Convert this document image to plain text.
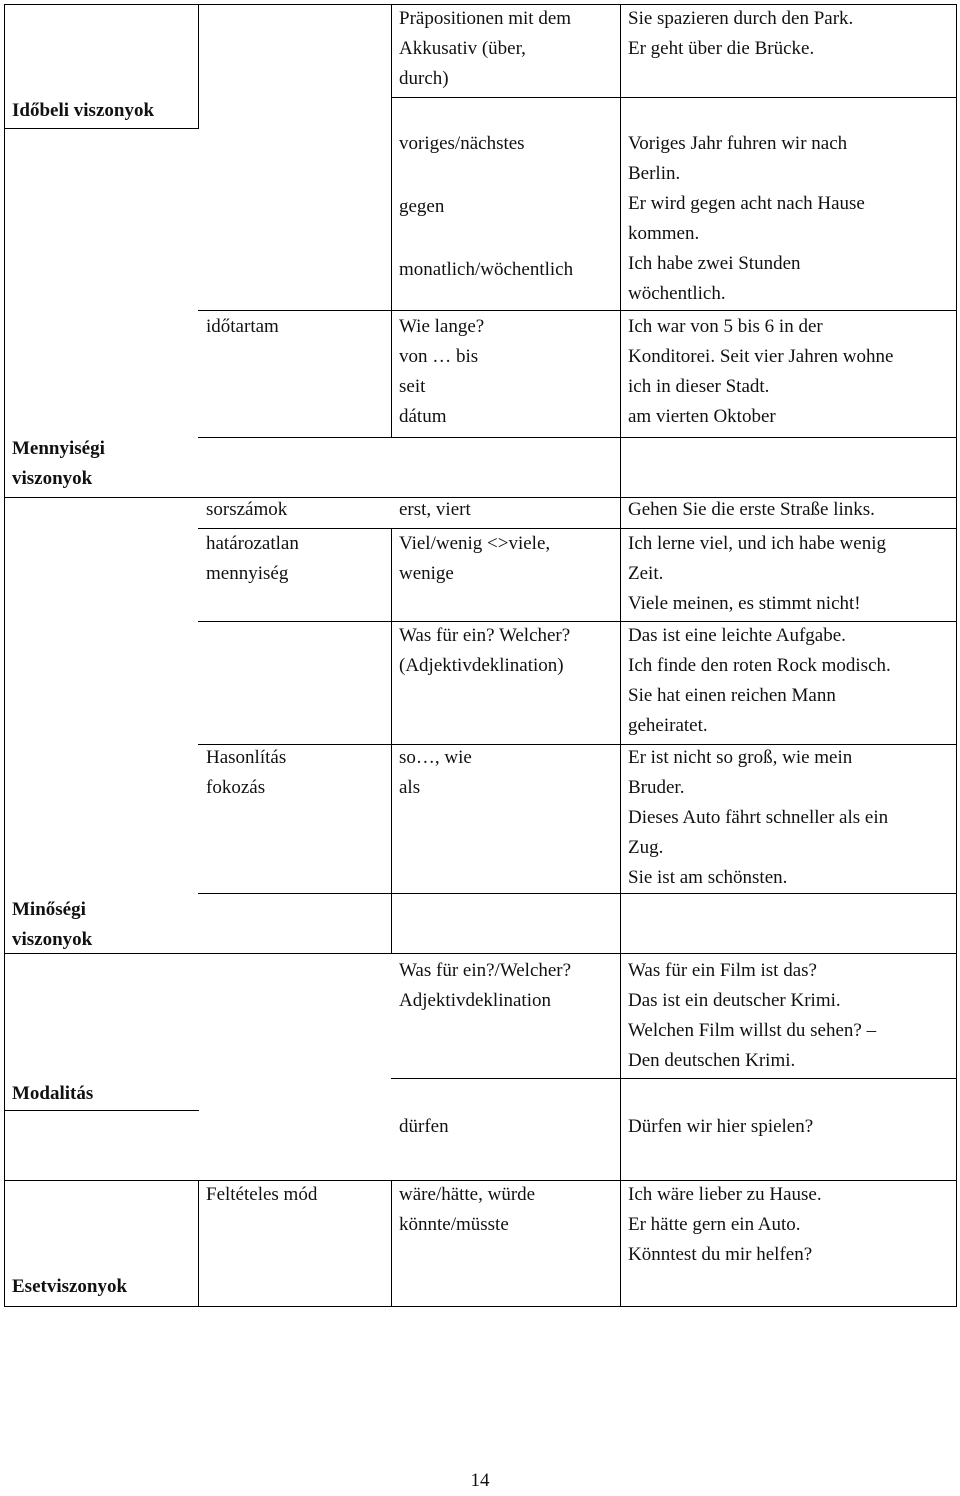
Időbeli viszonyok
Mennyiségi
viszonyok
Minőségi
viszonyok
Modalitás
Esetviszonyok
időtartam
sorszámok
határozatlan
mennyiség
Hasonlítás
fokozás
Feltételes mód
Präpositionen mit dem
Akkusativ (über,
durch)
voriges/nächstes
gegen
monatlich/wöchentlich
Wie lange?
von … bis
seit
dátum
erst, viert
Viel/wenig <>viele,
wenige
Was für ein? Welcher?
(Adjektivdeklination)
so…, wie
als
Was für ein?/Welcher?
Adjektivdeklination
dürfen
wäre/hätte, würde
könnte/müsste
Sie spazieren durch den Park.
Er geht über die Brücke.
Voriges Jahr fuhren wir nach
Berlin.
Er wird gegen acht nach Hause
kommen.
Ich habe zwei Stunden
wöchentlich.
Ich war von 5 bis 6 in der
Konditorei. Seit vier Jahren wohne
ich in dieser Stadt.
am vierten Oktober
Gehen Sie die erste Straße links.
Ich lerne viel, und ich habe wenig
Zeit.
Viele meinen, es stimmt nicht!
Das ist eine leichte Aufgabe.
Ich finde den roten Rock modisch.
Sie hat einen reichen Mann
geheiratet.
Er ist nicht so groß, wie mein
Bruder.
Dieses Auto fährt schneller als ein
Zug.
Sie ist am schönsten.
Was für ein Film ist das?
Das ist ein deutscher Krimi.
Welchen Film willst du sehen? –
Den deutschen Krimi.
Dürfen wir hier spielen?
Ich wäre lieber zu Hause.
Er hätte gern ein Auto.
Könntest du mir helfen?
14
